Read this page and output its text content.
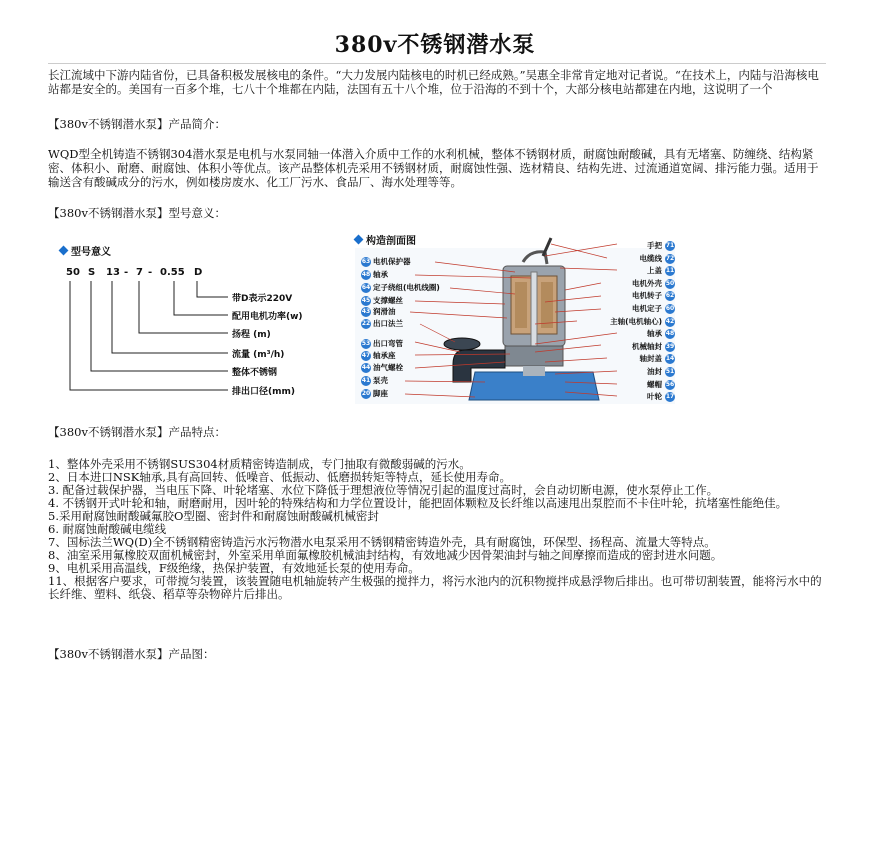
380v不锈钢潜水泵
长江流域中下游内陆省份，已具备积极发展核电的条件。“大力发展内陆核电的时机已经成熟。”吴惠全非常肯定地对记者说。“在技术上，内陆与沿海核电站都是安全的。美国有一百多个堆，七八十个堆都在内陆，法国有五十八个堆，位于沿海的不到十个，大部分核电站都建在内地，这说明了一个
【380v不锈钢潜水泵】产品简介：
WQD型全机铸造不锈钢304潜水泵是电机与水泵同轴一体潜入介质中工作的水利机械，整体不锈钢材质，耐腐蚀耐酸碱，具有无堵塞、防缠绕、结构紧密、体积小、耐磨、耐腐蚀、体积小等优点。该产品整体机壳采用不锈钢材质，耐腐蚀性强、选材精良、结构先进、过流通道宽阔、排污能力强。适用于输送含有酸碱成分的污水，例如楼房废水、化工厂污水、食品厂、海水处理等等。
【380v不锈钢潜水泵】型号意义：
型号意义
50 S 13 - 7 - 0.55 D
带D表示220V
配用电机功率(w)
扬程 (m)
流量 (m³/h)
整体不锈钢
排出口径(mm)
构造剖面图
63 电机保护器
48 轴承
64 定子绕组(电机线圈)
45 支撑螺丝
43 润滑油
22 出口法兰
53 出口弯管
47 轴承座
44 油气螺栓
41 泵壳
20 脚座
手把 71
电缆线 72
上盖 11
电机外壳 50
电机转子 62
电机定子 60
主轴(电机轴心) 42
轴承 48
机械轴封 39
轴封盖 14
油封 51
螺帽 56
叶轮 17
【380v不锈钢潜水泵】产品特点：
1、整体外壳采用不锈钢SUS304材质精密铸造制成，专门抽取有微酸弱碱的污水。
2、日本进口NSK轴承,具有高回转、低噪音、低振动、低磨损转矩等特点，延长使用寿命。
3. 配备过载保护器，当电压下降、叶轮堵塞、水位下降低于理想液位等情况引起的温度过高时，会自动切断电源，使水泵停止工作。
4. 不锈钢开式叶轮和轴，耐磨耐用，因叶轮的特殊结构和力学位置设计，能把固体颗粒及长纤维以高速甩出泵腔而不卡住叶轮，抗堵塞性能绝佳。
5.采用耐腐蚀耐酸碱氟胶O型圈、密封件和耐腐蚀耐酸碱机械密封
6. 耐腐蚀耐酸碱电缆线
7、国标法兰WQ(D)全不锈钢精密铸造污水污物潜水电泵采用不锈钢精密铸造外壳，具有耐腐蚀，环保型、扬程高、流量大等特点。
8、油室采用氟橡胶双面机械密封，外室采用单面氟橡胶机械油封结构，有效地减少因骨架油封与轴之间摩擦而造成的密封进水问题。
9、电机采用高温线，F级绝缘，热保护装置，有效地延长泵的使用寿命。
11、根据客户要求，可带搅匀装置，该装置随电机轴旋转产生极强的搅拌力，将污水池内的沉积物搅拌成悬浮物后排出。也可带切割装置，能将污水中的长纤维、塑料、纸袋、稻草等杂物碎片后排出。
【380v不锈钢潜水泵】产品图：
